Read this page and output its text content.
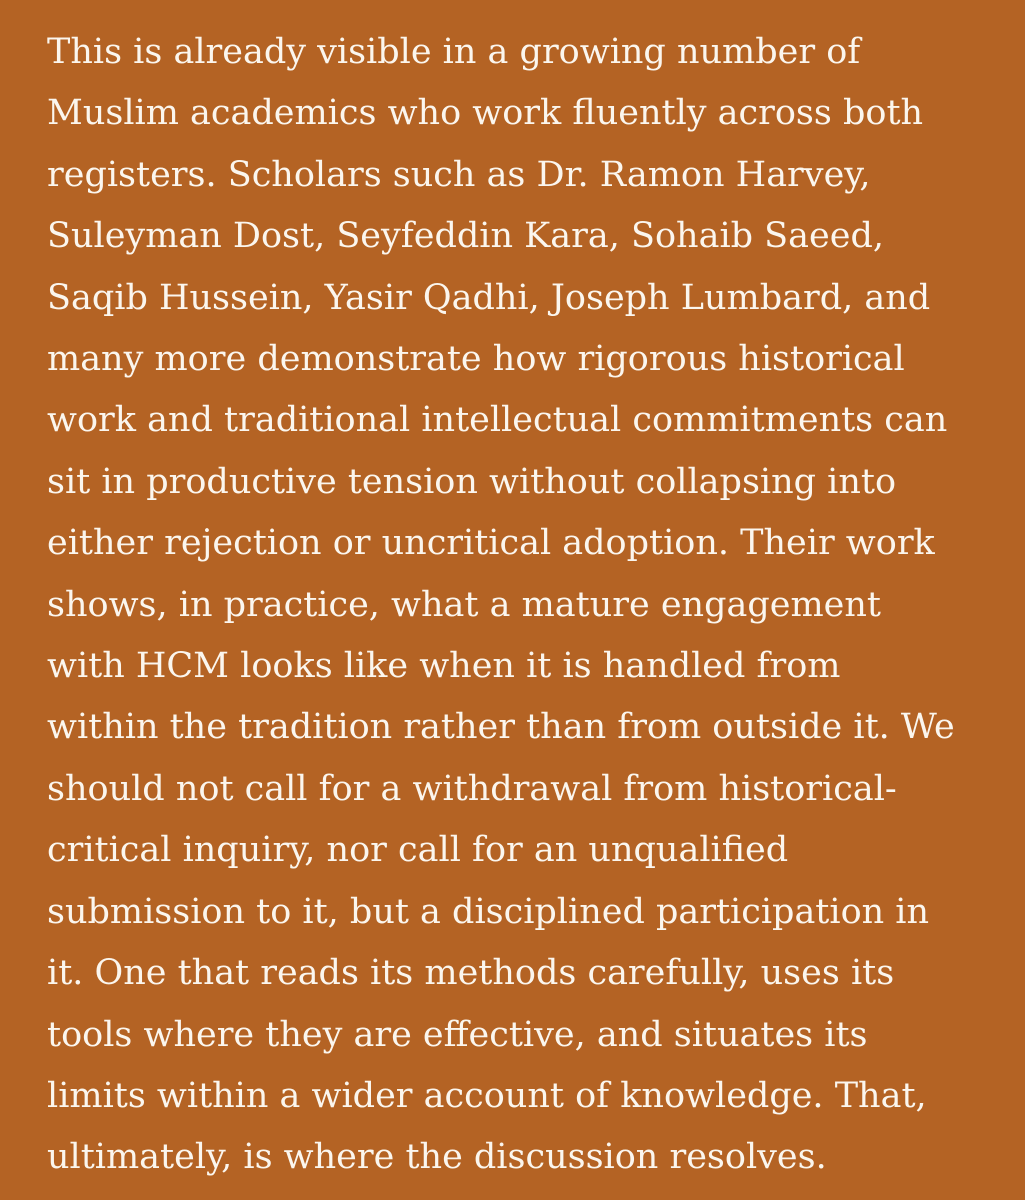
This is already visible in a growing number of
Muslim academics who work fluently across both
registers. Scholars such as Dr. Ramon Harvey,
Suleyman Dost, Seyfeddin Kara, Sohaib Saeed,
Saqib Hussein, Yasir Qadhi, Joseph Lumbard, and
many more demonstrate how rigorous historical
work and traditional intellectual commitments can
sit in productive tension without collapsing into
either rejection or uncritical adoption. Their work
shows, in practice, what a mature engagement
with HCM looks like when it is handled from
within the tradition rather than from outside it. We
should not call for a withdrawal from historical-
critical inquiry, nor call for an unqualified
submission to it, but a disciplined participation in
it. One that reads its methods carefully, uses its
tools where they are effective, and situates its
limits within a wider account of knowledge. That,
ultimately, is where the discussion resolves.
